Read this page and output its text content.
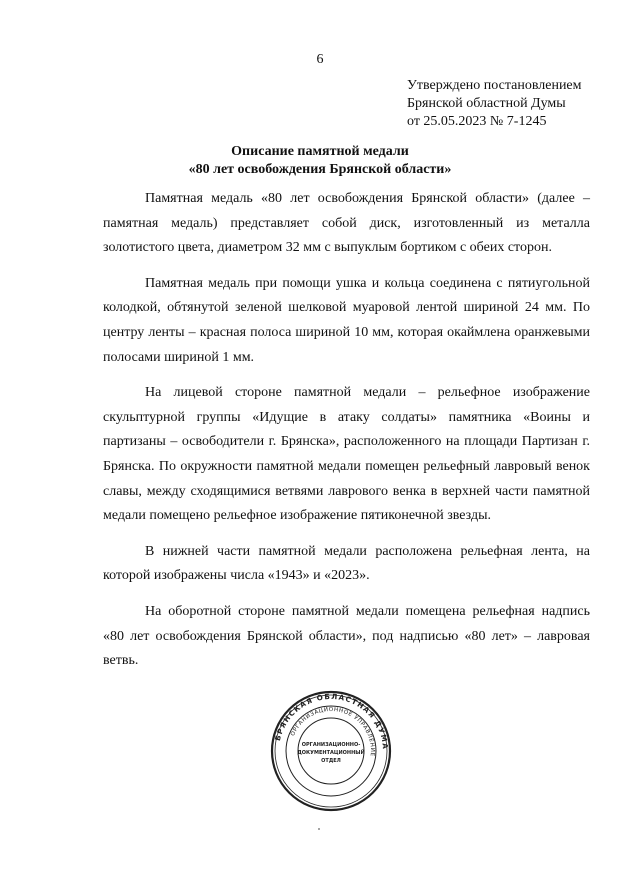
6
Утверждено постановлением
Брянской областной Думы
от 25.05.2023 № 7-1245
Описание памятной медали
«80 лет освобождения Брянской области»

Памятная медаль «80 лет освобождения Брянской области» (далее – памятная медаль) представляет собой диск, изготовленный из металла золотистого цвета, диаметром 32 мм с выпуклым бортиком с обеих сторон.

Памятная медаль при помощи ушка и кольца соединена с пятиугольной колодкой, обтянутой зеленой шелковой муаровой лентой шириной 24 мм. По центру ленты – красная полоса шириной 10 мм, которая окаймлена оранжевыми полосами шириной 1 мм.

На лицевой стороне памятной медали – рельефное изображение скульптурной группы «Идущие в атаку солдаты» памятника «Воины и партизаны – освободители г. Брянска», расположенного на площади Партизан г. Брянска. По окружности памятной медали помещен рельефный лавровый венок славы, между сходящимися ветвями лаврового венка в верхней части памятной медали помещено рельефное изображение пятиконечной звезды.

В нижней части памятной медали расположена рельефная лента, на которой изображены числа «1943» и «2023».

На оборотной стороне памятной медали помещена рельефная надпись «80 лет освобождения Брянской области», под надписью «80 лет» – лавровая ветвь.

БРЯНСКАЯ ОБЛАСТНАЯ ДУМА
ОРГАНИЗАЦИОННОЕ УПРАВЛЕНИЕ
ОРГАНИЗАЦИОННО-
ДОКУМЕНТАЦИОННЫЙ
ОТДЕЛ
